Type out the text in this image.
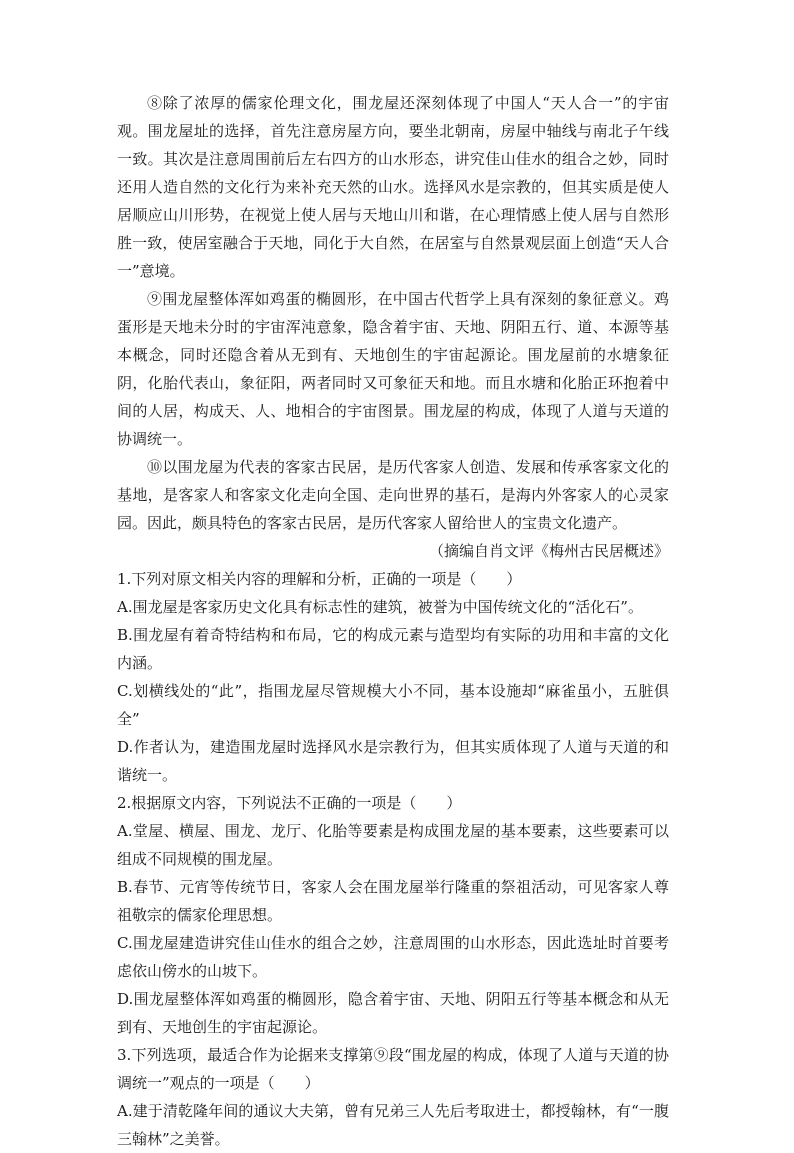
⑧除了浓厚的儒家伦理文化，围龙屋还深刻体现了中国人“天人合一”的宇宙观。围龙屋址的选择，首先注意房屋方向，要坐北朝南，房屋中轴线与南北子午线一致。其次是注意周围前后左右四方的山水形态，讲究佳山佳水的组合之妙，同时还用人造自然的文化行为来补充天然的山水。选择风水是宗教的，但其实质是使人居顺应山川形势，在视觉上使人居与天地山川和谐，在心理情感上使人居与自然形胜一致，使居室融合于天地，同化于大自然，在居室与自然景观层面上创造“天人合一”意境。

⑨围龙屋整体浑如鸡蛋的椭圆形，在中国古代哲学上具有深刻的象征意义。鸡蛋形是天地未分时的宇宙浑沌意象，隐含着宇宙、天地、阴阳五行、道、本源等基本概念，同时还隐含着从无到有、天地创生的宇宙起源论。围龙屋前的水塘象征阴，化胎代表山，象征阳，两者同时又可象征天和地。而且水塘和化胎正环抱着中间的人居，构成天、人、地相合的宇宙图景。围龙屋的构成，体现了人道与天道的协调统一。

⑩以围龙屋为代表的客家古民居，是历代客家人创造、发展和传承客家文化的基地，是客家人和客家文化走向全国、走向世界的基石，是海内外客家人的心灵家园。因此，颇具特色的客家古民居，是历代客家人留给世人的宝贵文化遗产。

（摘编自肖文评《梅州古民居概述》

1.下列对原文相关内容的理解和分析，正确的一项是（　　）

A.围龙屋是客家历史文化具有标志性的建筑，被誉为中国传统文化的“活化石”。

B.围龙屋有着奇特结构和布局，它的构成元素与造型均有实际的功用和丰富的文化内涵。

C.划横线处的“此”，指围龙屋尽管规模大小不同，基本设施却“麻雀虽小，五脏俱全”

D.作者认为，建造围龙屋时选择风水是宗教行为，但其实质体现了人道与天道的和谐统一。

2.根据原文内容，下列说法不正确的一项是（　　）

A.堂屋、横屋、围龙、龙厅、化胎等要素是构成围龙屋的基本要素，这些要素可以组成不同规模的围龙屋。

B.春节、元宵等传统节日，客家人会在围龙屋举行隆重的祭祖活动，可见客家人尊祖敬宗的儒家伦理思想。

C.围龙屋建造讲究佳山佳水的组合之妙，注意周围的山水形态，因此选址时首要考虑依山傍水的山坡下。

D.围龙屋整体浑如鸡蛋的椭圆形，隐含着宇宙、天地、阴阳五行等基本概念和从无到有、天地创生的宇宙起源论。

3.下列选项，最适合作为论据来支撑第⑨段“围龙屋的构成，体现了人道与天道的协调统一”观点的一项是（　　）

A.建于清乾隆年间的通议大夫第，曾有兄弟三人先后考取进士，都授翰林，有“一腹三翰林”之美誉。
